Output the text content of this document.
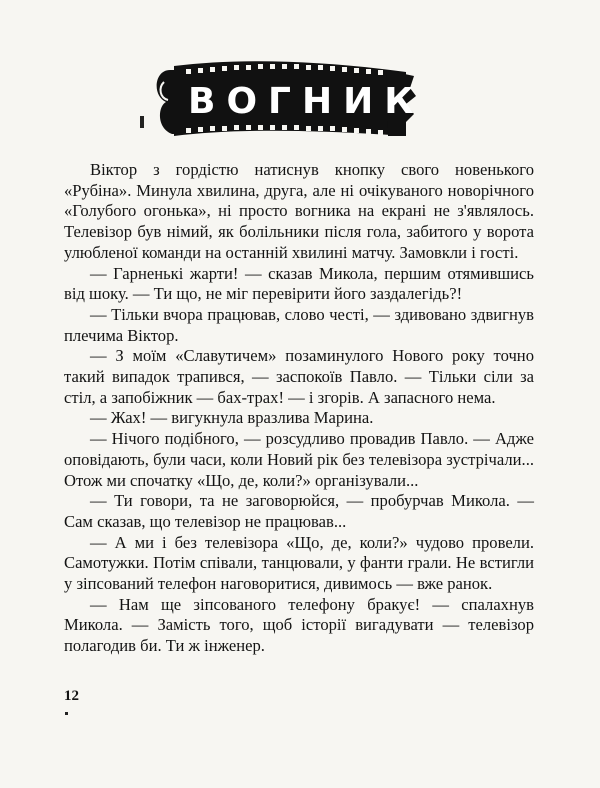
ВОГНИК

Віктор з гордістю натиснув кнопку свого новенького «Рубіна». Минула хвилина, друга, але ні очікуваного новорічного «Голубого огонька», ні просто вогника на екрані не з'являлось. Телевізор був німий, як болільники після гола, забитого у ворота улюбленої команди на останній хвилині матчу. Замовкли і гості.

— Гарненькі жарти! — сказав Микола, першим отямившись від шоку. — Ти що, не міг перевірити його заздалегідь?!

— Тільки вчора працював, слово честі, — здивовано здвигнув плечима Віктор.

— З моїм «Славутичем» позаминулого Нового року точно такий випадок трапився, — заспокоїв Павло. — Тільки сіли за стіл, а запобіжник — бах-трах! — і згорів. А запасного нема.

— Жах! — вигукнула вразлива Марина.

— Нічого подібного, — розсудливо провадив Павло. — Адже оповідають, були часи, коли Новий рік без телевізора зустрічали... Отож ми спочатку «Що, де, коли?» організували...

— Ти говори, та не заговорюйся, — пробурчав Микола. — Сам сказав, що телевізор не працював...

— А ми і без телевізора «Що, де, коли?» чудово провели. Самотужки. Потім співали, танцювали, у фанти грали. Не встигли у зіпсований телефон наговоритися, дивимось — вже ранок.

— Нам ще зіпсованого телефону бракує! — спалахнув Микола. — Замість того, щоб історії вигадувати — телевізор полагодив би. Ти ж інженер.

12
